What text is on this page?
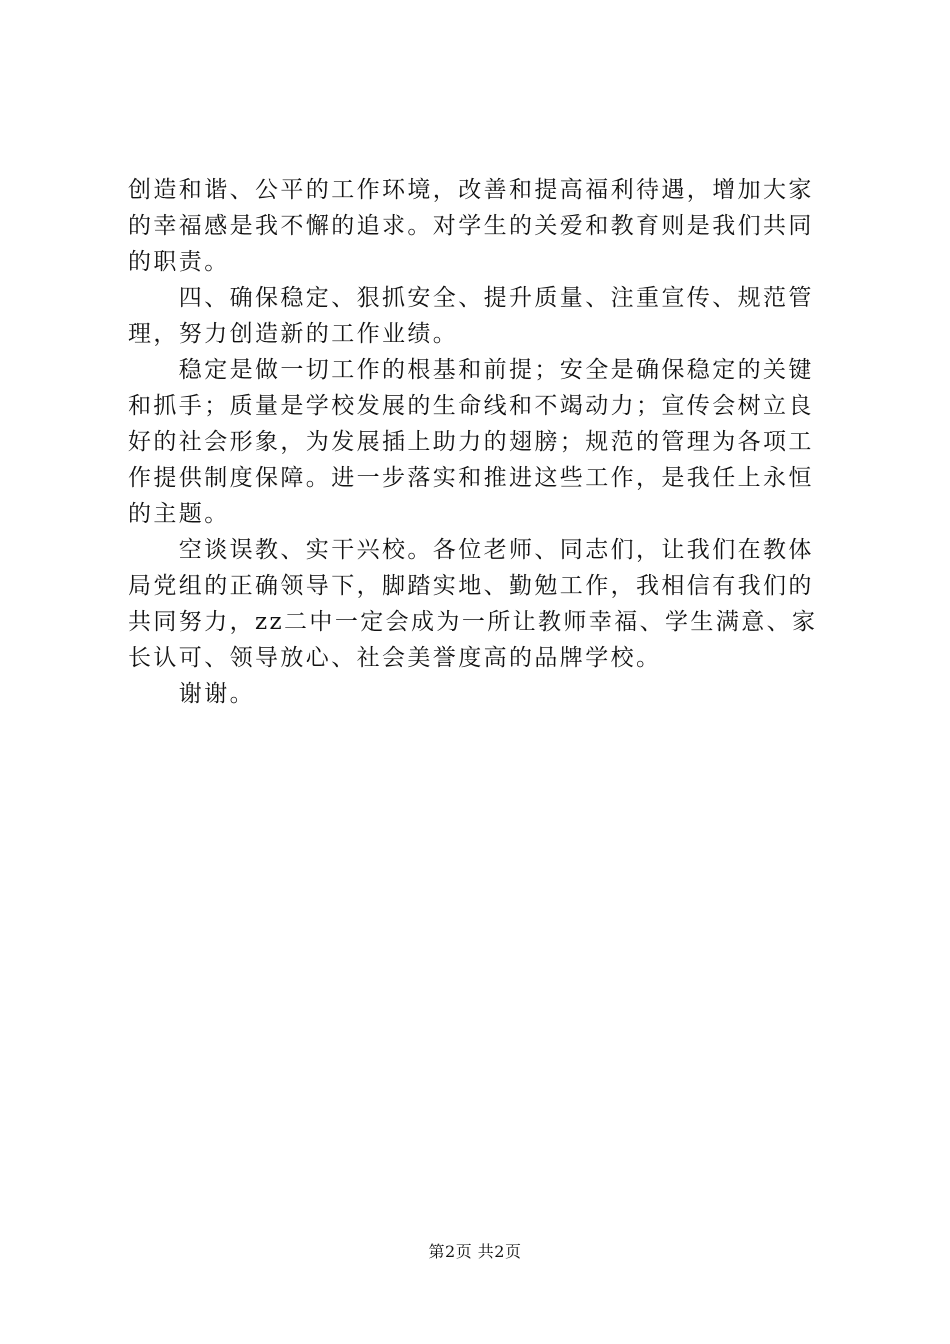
创造和谐、公平的工作环境，改善和提高福利待遇，增加大家
的幸福感是我不懈的追求。对学生的关爱和教育则是我们共同
的职责。
　　四、确保稳定、狠抓安全、提升质量、注重宣传、规范管
理，努力创造新的工作业绩。
　　稳定是做一切工作的根基和前提；安全是确保稳定的关键
和抓手；质量是学校发展的生命线和不竭动力；宣传会树立良
好的社会形象，为发展插上助力的翅膀；规范的管理为各项工
作提供制度保障。进一步落实和推进这些工作，是我任上永恒
的主题。
　　空谈误教、实干兴校。各位老师、同志们，让我们在教体
局党组的正确领导下，脚踏实地、勤勉工作，我相信有我们的
共同努力，zz二中一定会成为一所让教师幸福、学生满意、家
长认可、领导放心、社会美誉度高的品牌学校。
　　谢谢。
第2页 共2页
